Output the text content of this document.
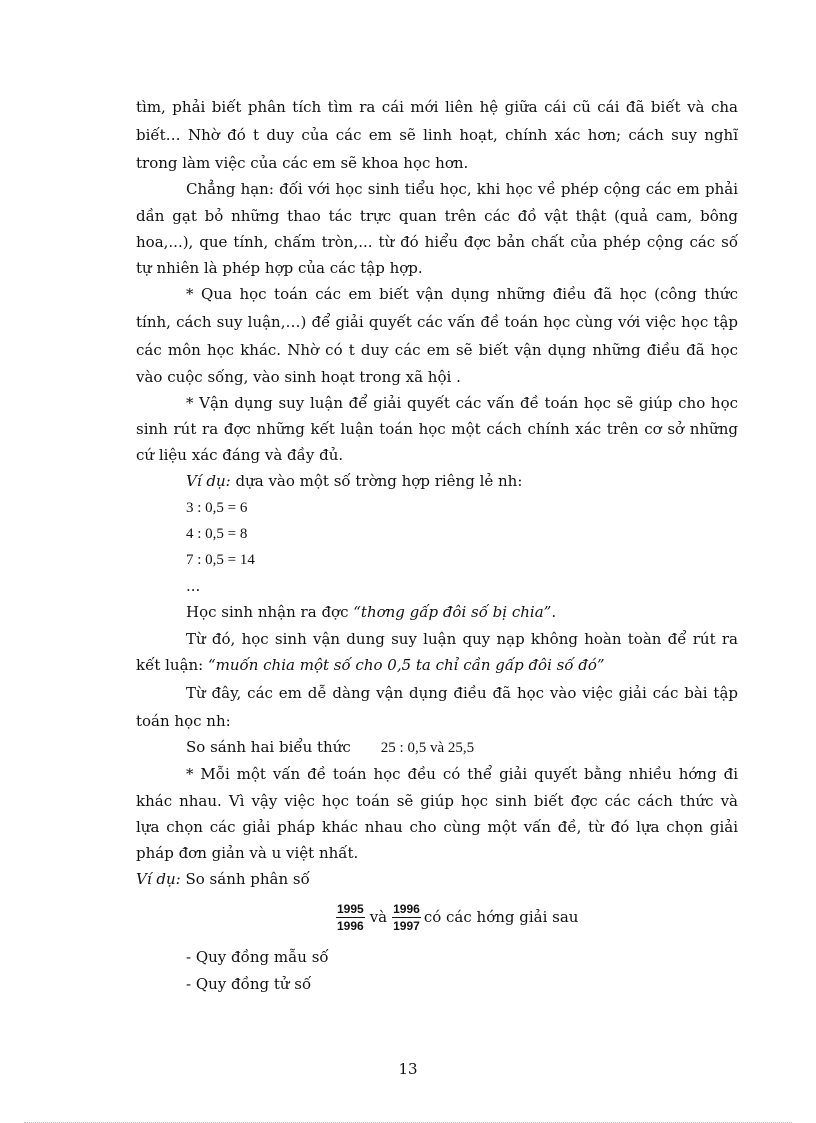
tìm, phải biết phân tích tìm ra cái mới liên hệ giữa cái cũ cái đã biết và cha

biết… Nhờ đó t duy của các em sẽ linh hoạt, chính xác hơn; cách suy nghĩ

trong làm việc của các em sẽ khoa học hơn.

Chẳng hạn: đối với học sinh tiểu học, khi học về phép cộng các em phải

dần gạt bỏ những thao tác trực quan trên các đồ vật thật (quả cam, bông

hoa,...), que tính, chấm tròn,... từ đó hiểu đợc bản chất của phép cộng các số

tự nhiên là phép hợp của các tập hợp.

* Qua học toán các em biết vận dụng những điều đã học (công thức

tính, cách suy luận,…) để giải quyết các vấn đề toán học cùng với việc học tập

các môn học khác. Nhờ có t duy các em sẽ biết vận dụng những điều đã học

vào cuộc sống, vào sinh hoạt trong xã hội .

* Vận dụng suy luận để giải quyết các vấn đề toán học sẽ giúp cho học

sinh rút ra đợc những kết luận toán học một cách chính xác trên cơ sở những

cứ liệu xác đáng và đầy đủ.

Ví dụ: dựa vào một số trờng hợp riêng lẻ nh:

3 : 0,5 = 6

4 : 0,5 = 8

7 : 0,5 = 14

...

Học sinh nhận ra đợc “thơng gấp đôi số bị chia”.

Từ đó, học sinh vận dung suy luận quy nạp không hoàn toàn để rút ra

kết luận: “muốn chia một số cho 0,5 ta chỉ cần gấp đôi số đó”

Từ đây, các em dễ dàng vận dụng điều đã học vào việc giải các bài tập

toán học nh:

So sánh hai biểu thức 25 : 0,5 và 25,5

* Mỗi một vấn đề toán học đều có thể giải quyết bằng nhiều hớng đi

khác nhau. Vì vậy việc học toán sẽ giúp học sinh biết đợc các cách thức và

lựa chọn các giải pháp khác nhau cho cùng một vấn đề, từ đó lựa chọn giải

pháp đơn giản và u việt nhất.

Ví dụ: So sánh phân số

$\frac{1995}{1996}$ và $\frac{1996}{1997}$ có các hớng giải sau

- Quy đồng mẫu số

- Quy đồng tử số

13
